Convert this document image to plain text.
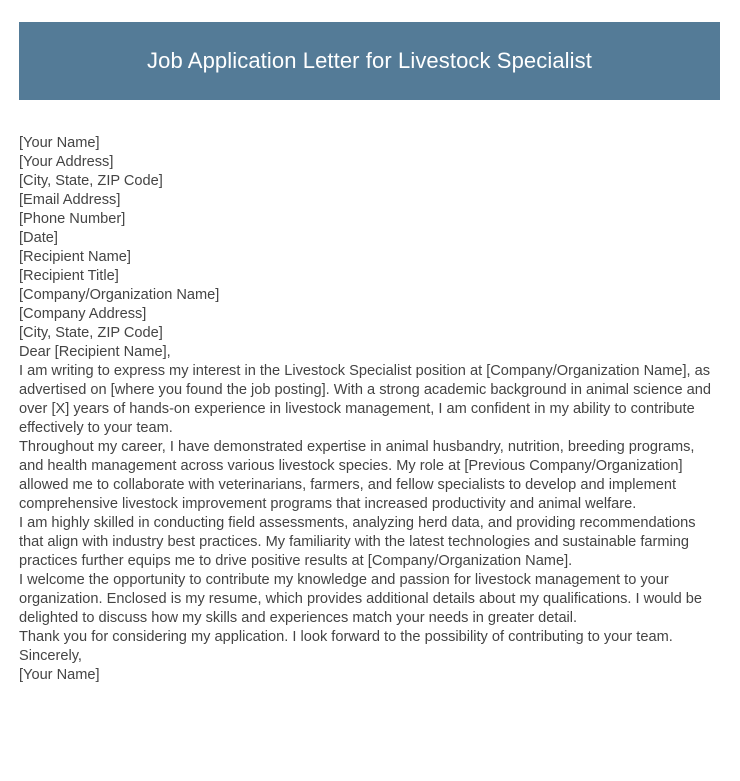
Job Application Letter for Livestock Specialist
[Your Name]
[Your Address]
[City, State, ZIP Code]
[Email Address]
[Phone Number]
[Date]
[Recipient Name]
[Recipient Title]
[Company/Organization Name]
[Company Address]
[City, State, ZIP Code]
Dear [Recipient Name],

I am writing to express my interest in the Livestock Specialist position at [Company/Organization Name], as advertised on [where you found the job posting]. With a strong academic background in animal science and over [X] years of hands-on experience in livestock management, I am confident in my ability to contribute effectively to your team.

Throughout my career, I have demonstrated expertise in animal husbandry, nutrition, breeding programs, and health management across various livestock species. My role at [Previous Company/Organization] allowed me to collaborate with veterinarians, farmers, and fellow specialists to develop and implement comprehensive livestock improvement programs that increased productivity and animal welfare.

I am highly skilled in conducting field assessments, analyzing herd data, and providing recommendations that align with industry best practices. My familiarity with the latest technologies and sustainable farming practices further equips me to drive positive results at [Company/Organization Name].

I welcome the opportunity to contribute my knowledge and passion for livestock management to your organization. Enclosed is my resume, which provides additional details about my qualifications. I would be delighted to discuss how my skills and experiences match your needs in greater detail.

Thank you for considering my application. I look forward to the possibility of contributing to your team.

Sincerely,
[Your Name]
